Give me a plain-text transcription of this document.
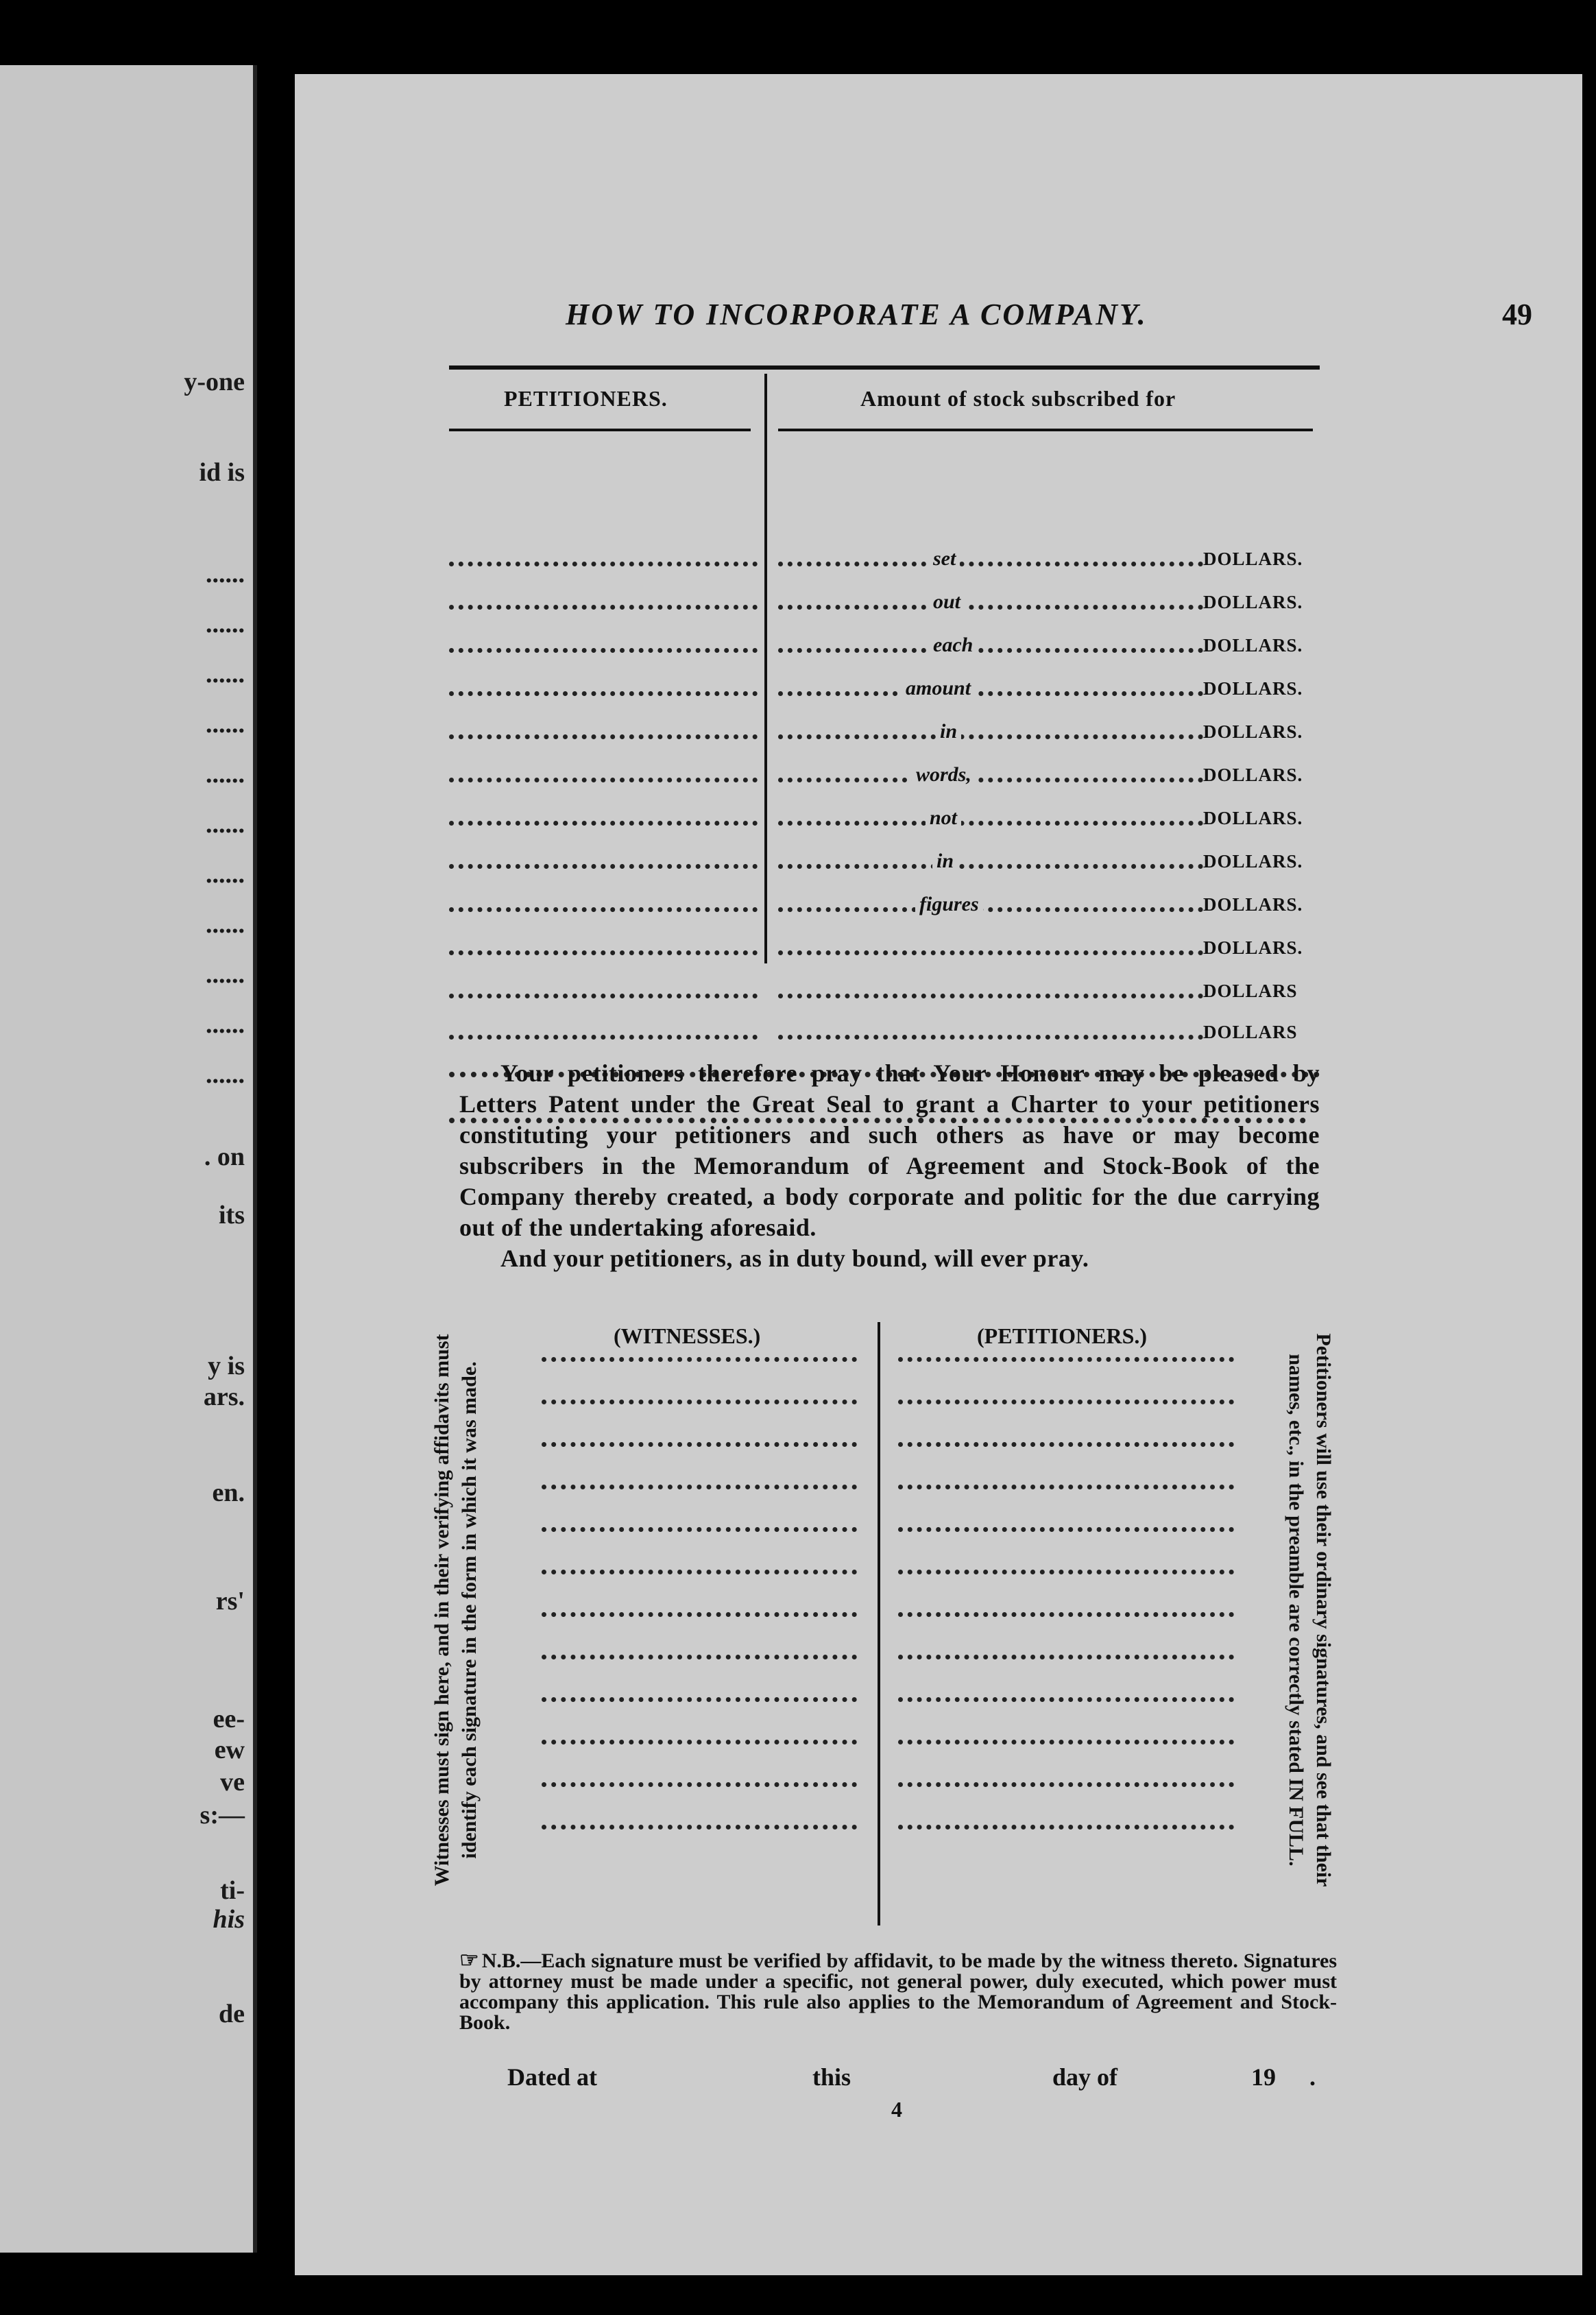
y-one
id is
......
......
......
......
......
......
......
......
......
......
......
. on
its
y is
ars.
en.
rs'
ee-
ew
ve
s:—
ti-
his
de
HOW TO INCORPORATE A COMPANY.	49
PETITIONERS.	Amount of stock subscribed for
set	DOLLARS.
out	DOLLARS.
each	DOLLARS.
amount	DOLLARS.
in	DOLLARS.
words,	DOLLARS.
not	DOLLARS.
in	DOLLARS.
figures	DOLLARS.
DOLLARS.
DOLLARS
DOLLARS

Your petitioners therefore pray that Your Honour may be pleased by Letters Patent under the Great Seal to grant a Charter to your petitioners constituting your petitioners and such others as have or may become subscribers in the Memorandum of Agreement and Stock-Book of the Company thereby created, a body corporate and politic for the due carrying out of the undertaking aforesaid.

And your petitioners, as in duty bound, will ever pray.

Witnesses must sign here, and in their verifying affidavits must identify each signature in the form in which it was made.
(WITNESSES.)	(PETITIONERS.)	Petitioners will use their ordinary signatures, and see that their names, etc., in the preamble are correctly stated IN FULL.
☞ N.B.—Each signature must be verified by affidavit, to be made by the witness thereto. Signatures by attorney must be made under a specific, not general power, duly executed, which power must accompany this application. This rule also applies to the Memorandum of Agreement and Stock-Book.
Dated at	this	day of	19 .
4
